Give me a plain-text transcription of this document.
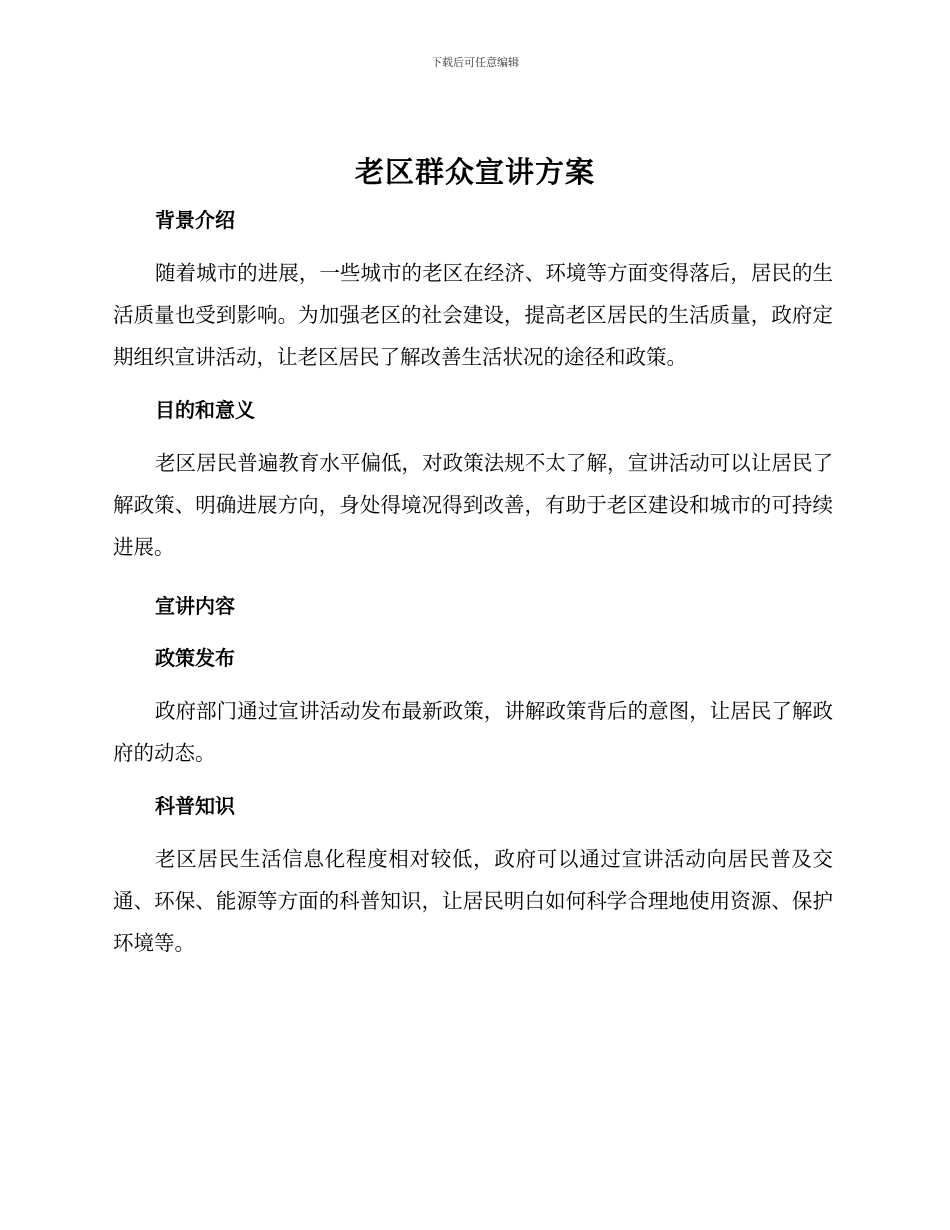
下载后可任意编辑
老区群众宣讲方案
背景介绍

随着城市的进展，一些城市的老区在经济、环境等方面变得落后，居民的生活质量也受到影响。为加强老区的社会建设，提高老区居民的生活质量，政府定期组织宣讲活动，让老区居民了解改善生活状况的途径和政策。

目的和意义

老区居民普遍教育水平偏低，对政策法规不太了解，宣讲活动可以让居民了解政策、明确进展方向，身处得境况得到改善，有助于老区建设和城市的可持续进展。

宣讲内容
政策发布

政府部门通过宣讲活动发布最新政策，讲解政策背后的意图，让居民了解政府的动态。

科普知识

老区居民生活信息化程度相对较低，政府可以通过宣讲活动向居民普及交通、环保、能源等方面的科普知识，让居民明白如何科学合理地使用资源、保护环境等。
